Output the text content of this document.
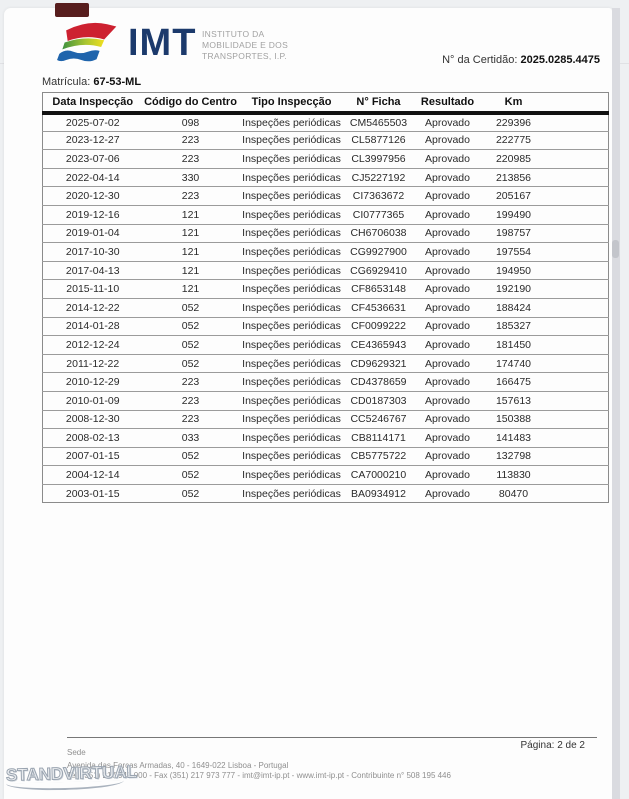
IMT INSTITUTO DA
MOBILIDADE E DOS
TRANSPORTES, I.P.	N° da Certidão: 2025.0285.4475
Matrícula: 67-53-ML
Data Inspecção	Código do Centro	Tipo Inspecção	N° Ficha	Resultado	Km	
2025-07-02	098	Inspeções periódicas	CM5465503	Aprovado	229396	
2023-12-27	223	Inspeções periódicas	CL5877126	Aprovado	222775	
2023-07-06	223	Inspeções periódicas	CL3997956	Aprovado	220985	
2022-04-14	330	Inspeções periódicas	CJ5227192	Aprovado	213856	
2020-12-30	223	Inspeções periódicas	CI7363672	Aprovado	205167	
2019-12-16	121	Inspeções periódicas	CI0777365	Aprovado	199490	
2019-01-04	121	Inspeções periódicas	CH6706038	Aprovado	198757	
2017-10-30	121	Inspeções periódicas	CG9927900	Aprovado	197554	
2017-04-13	121	Inspeções periódicas	CG6929410	Aprovado	194950	
2015-11-10	121	Inspeções periódicas	CF8653148	Aprovado	192190	
2014-12-22	052	Inspeções periódicas	CF4536631	Aprovado	188424	
2014-01-28	052	Inspeções periódicas	CF0099222	Aprovado	185327	
2012-12-24	052	Inspeções periódicas	CE4365943	Aprovado	181450	
2011-12-22	052	Inspeções periódicas	CD9629321	Aprovado	174740	
2010-12-29	223	Inspeções periódicas	CD4378659	Aprovado	166475	
2010-01-09	223	Inspeções periódicas	CD0187303	Aprovado	157613	
2008-12-30	223	Inspeções periódicas	CC5246767	Aprovado	150388	
2008-02-13	033	Inspeções periódicas	CB8114171	Aprovado	141483	
2007-01-15	052	Inspeções periódicas	CB5775722	Aprovado	132798	
2004-12-14	052	Inspeções periódicas	CA7000210	Aprovado	113830	
2003-01-15	052	Inspeções periódicas	BA0934912	Aprovado	80470	
Página: 2 de 2
Sede
Avenida das Forças Armadas, 40 - 1649-022 Lisboa - Portugal
Tel. (351) 217 949 000 - Fax (351) 217 973 777 - imt@imt-ip.pt - www.imt-ip.pt - Contribuinte n° 508 195 446
STANDVIRTUAL
